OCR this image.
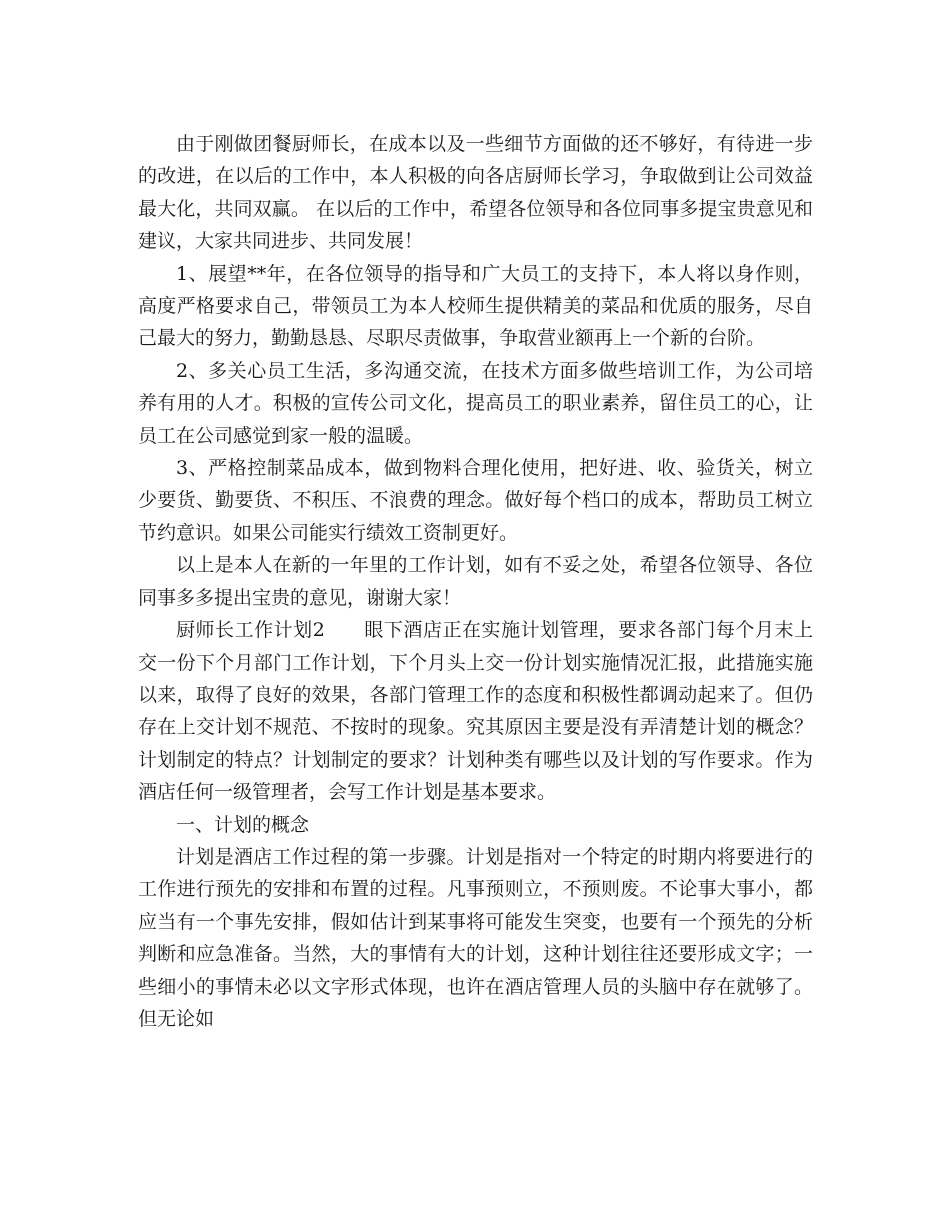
由于刚做团餐厨师长，在成本以及一些细节方面做的还不够好，有待进一步的改进，在以后的工作中，本人积极的向各店厨师长学习，争取做到让公司效益最大化，共同双赢。 在以后的工作中，希望各位领导和各位同事多提宝贵意见和建议，大家共同进步、共同发展！

1、展望**年，在各位领导的指导和广大员工的支持下，本人将以身作则，高度严格要求自己，带领员工为本人校师生提供精美的菜品和优质的服务，尽自己最大的努力，勤勤恳恳、尽职尽责做事，争取营业额再上一个新的台阶。

2、多关心员工生活，多沟通交流，在技术方面多做些培训工作，为公司培养有用的人才。积极的宣传公司文化，提高员工的职业素养，留住员工的心，让员工在公司感觉到家一般的温暖。

3、严格控制菜品成本，做到物料合理化使用，把好进、收、验货关，树立少要货、勤要货、不积压、不浪费的理念。做好每个档口的成本，帮助员工树立节约意识。如果公司能实行绩效工资制更好。

以上是本人在新的一年里的工作计划，如有不妥之处，希望各位领导、各位同事多多提出宝贵的意见，谢谢大家！

厨师长工作计划2　　眼下酒店正在实施计划管理，要求各部门每个月末上交一份下个月部门工作计划，下个月头上交一份计划实施情况汇报，此措施实施以来，取得了良好的效果，各部门管理工作的态度和积极性都调动起来了。但仍存在上交计划不规范、不按时的现象。究其原因主要是没有弄清楚计划的概念？计划制定的特点？计划制定的要求？计划种类有哪些以及计划的写作要求。作为酒店任何一级管理者，会写工作计划是基本要求。

一、计划的概念

计划是酒店工作过程的第一步骤。计划是指对一个特定的时期内将要进行的工作进行预先的安排和布置的过程。凡事预则立，不预则废。不论事大事小，都应当有一个事先安排，假如估计到某事将可能发生突变，也要有一个预先的分析判断和应急准备。当然，大的事情有大的计划，这种计划往往还要形成文字；一些细小的事情未必以文字形式体现，也许在酒店管理人员的头脑中存在就够了。但无论如
